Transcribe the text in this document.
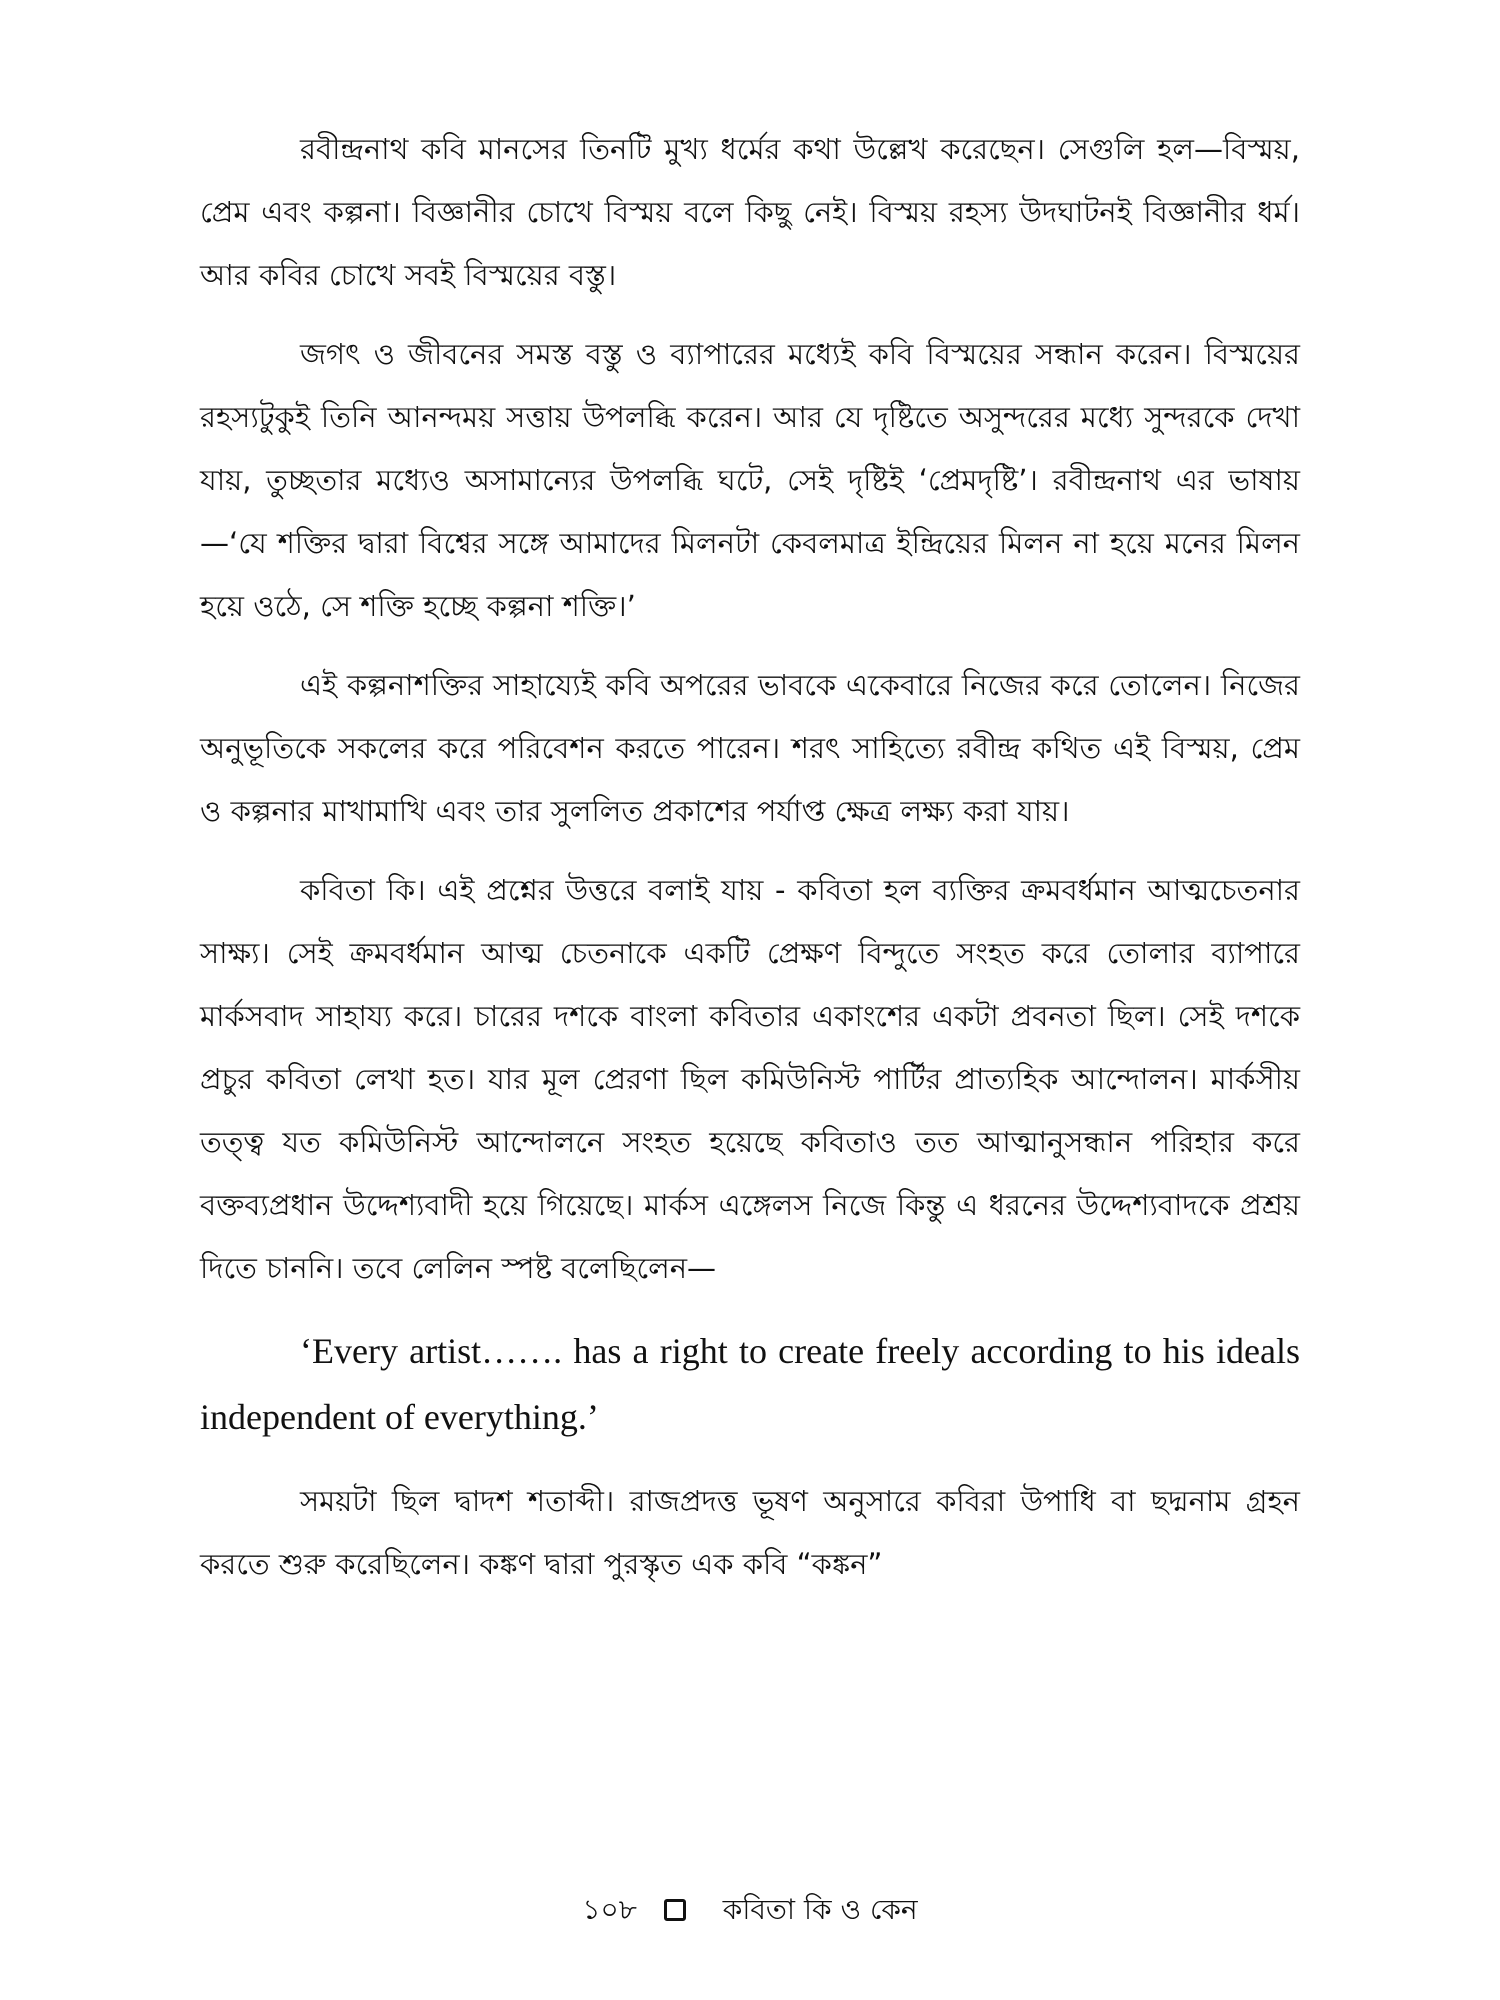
রবীন্দ্রনাথ কবি মানসের তিনটি মুখ্য ধর্মের কথা উল্লেখ করেছেন। সেগুলি হল—বিস্ময়, প্রেম এবং কল্পনা। বিজ্ঞানীর চোখে বিস্ময় বলে কিছু নেই। বিস্ময় রহস্য উদঘাটনই বিজ্ঞানীর ধর্ম। আর কবির চোখে সবই বিস্ময়ের বস্তু।

জগৎ ও জীবনের সমস্ত বস্তু ও ব্যাপারের মধ্যেই কবি বিস্ময়ের সন্ধান করেন। বিস্ময়ের রহস্যটুকুই তিনি আনন্দময় সত্তায় উপলব্ধি করেন। আর যে দৃষ্টিতে অসুন্দরের মধ্যে সুন্দরকে দেখা যায়, তুচ্ছতার মধ্যেও অসামান্যের উপলব্ধি ঘটে, সেই দৃষ্টিই ‘প্রেমদৃষ্টি’। রবীন্দ্রনাথ এর ভাষায় —‘যে শক্তির দ্বারা বিশ্বের সঙ্গে আমাদের মিলনটা কেবলমাত্র ইন্দ্রিয়ের মিলন না হয়ে মনের মিলন হয়ে ওঠে, সে শক্তি হচ্ছে কল্পনা শক্তি।’

এই কল্পনাশক্তির সাহায্যেই কবি অপরের ভাবকে একেবারে নিজের করে তোলেন। নিজের অনুভূতিকে সকলের করে পরিবেশন করতে পারেন। শরৎ সাহিত্যে রবীন্দ্র কথিত এই বিস্ময়, প্রেম ও কল্পনার মাখামাখি এবং তার সুললিত প্রকাশের পর্যাপ্ত ক্ষেত্র লক্ষ্য করা যায়।

কবিতা কি। এই প্রশ্নের উত্তরে বলাই যায় - কবিতা হল ব্যক্তির ক্রমবর্ধমান আত্মচেতনার সাক্ষ্য। সেই ক্রমবর্ধমান আত্ম চেতনাকে একটি প্রেক্ষণ বিন্দুতে সংহত করে তোলার ব্যাপারে মার্কসবাদ সাহায্য করে। চারের দশকে বাংলা কবিতার একাংশের একটা প্রবনতা ছিল। সেই দশকে প্রচুর কবিতা লেখা হত। যার মূল প্রেরণা ছিল কমিউনিস্ট পার্টির প্রাত্যহিক আন্দোলন। মার্কসীয় তত্ত্ব যত কমিউনিস্ট আন্দোলনে সংহত হয়েছে কবিতাও তত আত্মানুসন্ধান পরিহার করে বক্তব্যপ্রধান উদ্দেশ্যবাদী হয়ে গিয়েছে। মার্কস এঙ্গেলস নিজে কিন্তু এ ধরনের উদ্দেশ্যবাদকে প্রশ্রয় দিতে চাননি। তবে লেলিন স্পষ্ট বলেছিলেন—

‘Every artist……. has a right to create freely according to his ideals independent of everything.’

সময়টা ছিল দ্বাদশ শতাব্দী। রাজপ্রদত্ত ভূষণ অনুসারে কবিরা উপাধি বা ছদ্মনাম গ্রহন করতে শুরু করেছিলেন। কঙ্কণ দ্বারা পুরস্কৃত এক কবি “কঙ্কন”

১০৮	কবিতা কি ও কেন
